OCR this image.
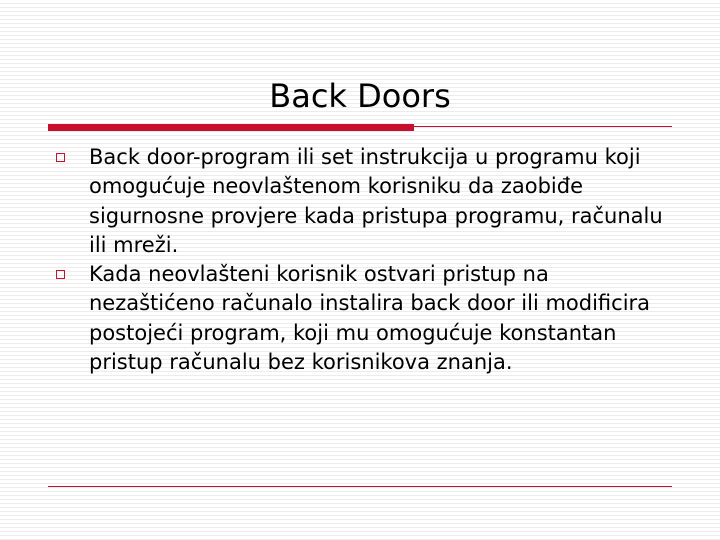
Back Doors
Back door-program ili set instrukcija u programu koji omogućuje neovlaštenom korisniku da zaobiđe sigurnosne provjere kada pristupa programu, računalu ili mreži.
Kada neovlašteni korisnik ostvari pristup na nezaštićeno računalo instalira back door ili modificira postojeći program, koji mu omogućuje konstantan pristup računalu bez korisnikova znanja.
